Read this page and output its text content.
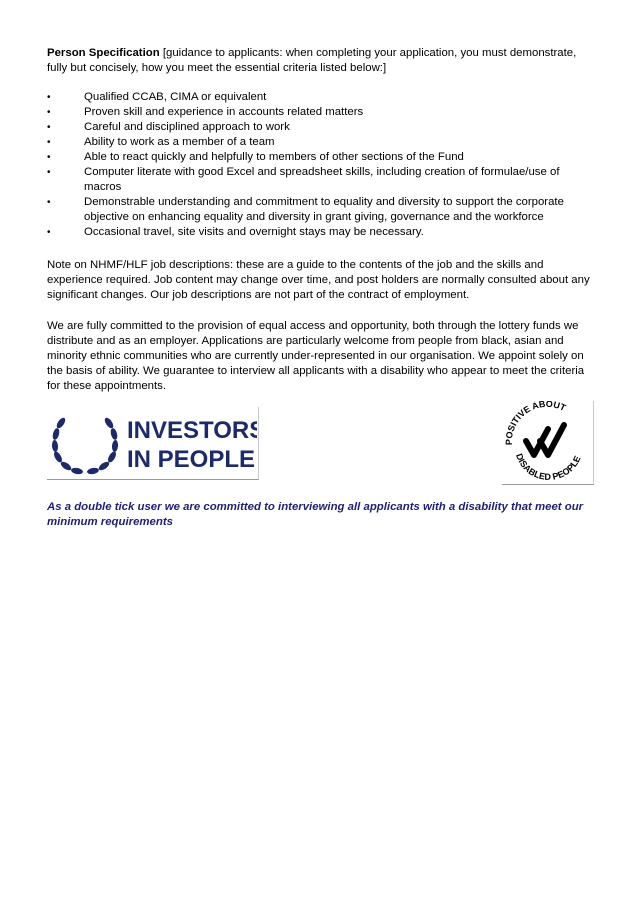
Person Specification [guidance to applicants: when completing your application, you must demonstrate, fully but concisely, how you meet the essential criteria listed below:]

•	Qualified CCAB, CIMA or equivalent
•	Proven skill and experience in accounts related matters
•	Careful and disciplined approach to work
•	Ability to work as a member of a team
•	Able to react quickly and helpfully to members of other sections of the Fund
•	Computer literate with good Excel and spreadsheet skills, including creation of formulae/use of macros
•	Demonstrable understanding and commitment to equality and diversity to support the corporate objective on enhancing equality and diversity in grant giving, governance and the workforce
•	Occasional travel, site visits and overnight stays may be necessary.

Note on NHMF/HLF job descriptions: these are a guide to the contents of the job and the skills and experience required. Job content may change over time, and post holders are normally consulted about any significant changes. Our job descriptions are not part of the contract of employment.

We are fully committed to the provision of equal access and opportunity, both through the lottery funds we distribute and as an employer. Applications are particularly welcome from people from black, asian and minority ethnic communities who are currently under-represented in our organisation. We appoint solely on the basis of ability. We guarantee to interview all applicants with a disability who appear to meet the criteria for these appointments.

INVESTORS
IN PEOPLE
POSITIVE ABOUT
DISABLED PEOPLE

As a double tick user we are committed to interviewing all applicants with a disability that meet our minimum requirements
